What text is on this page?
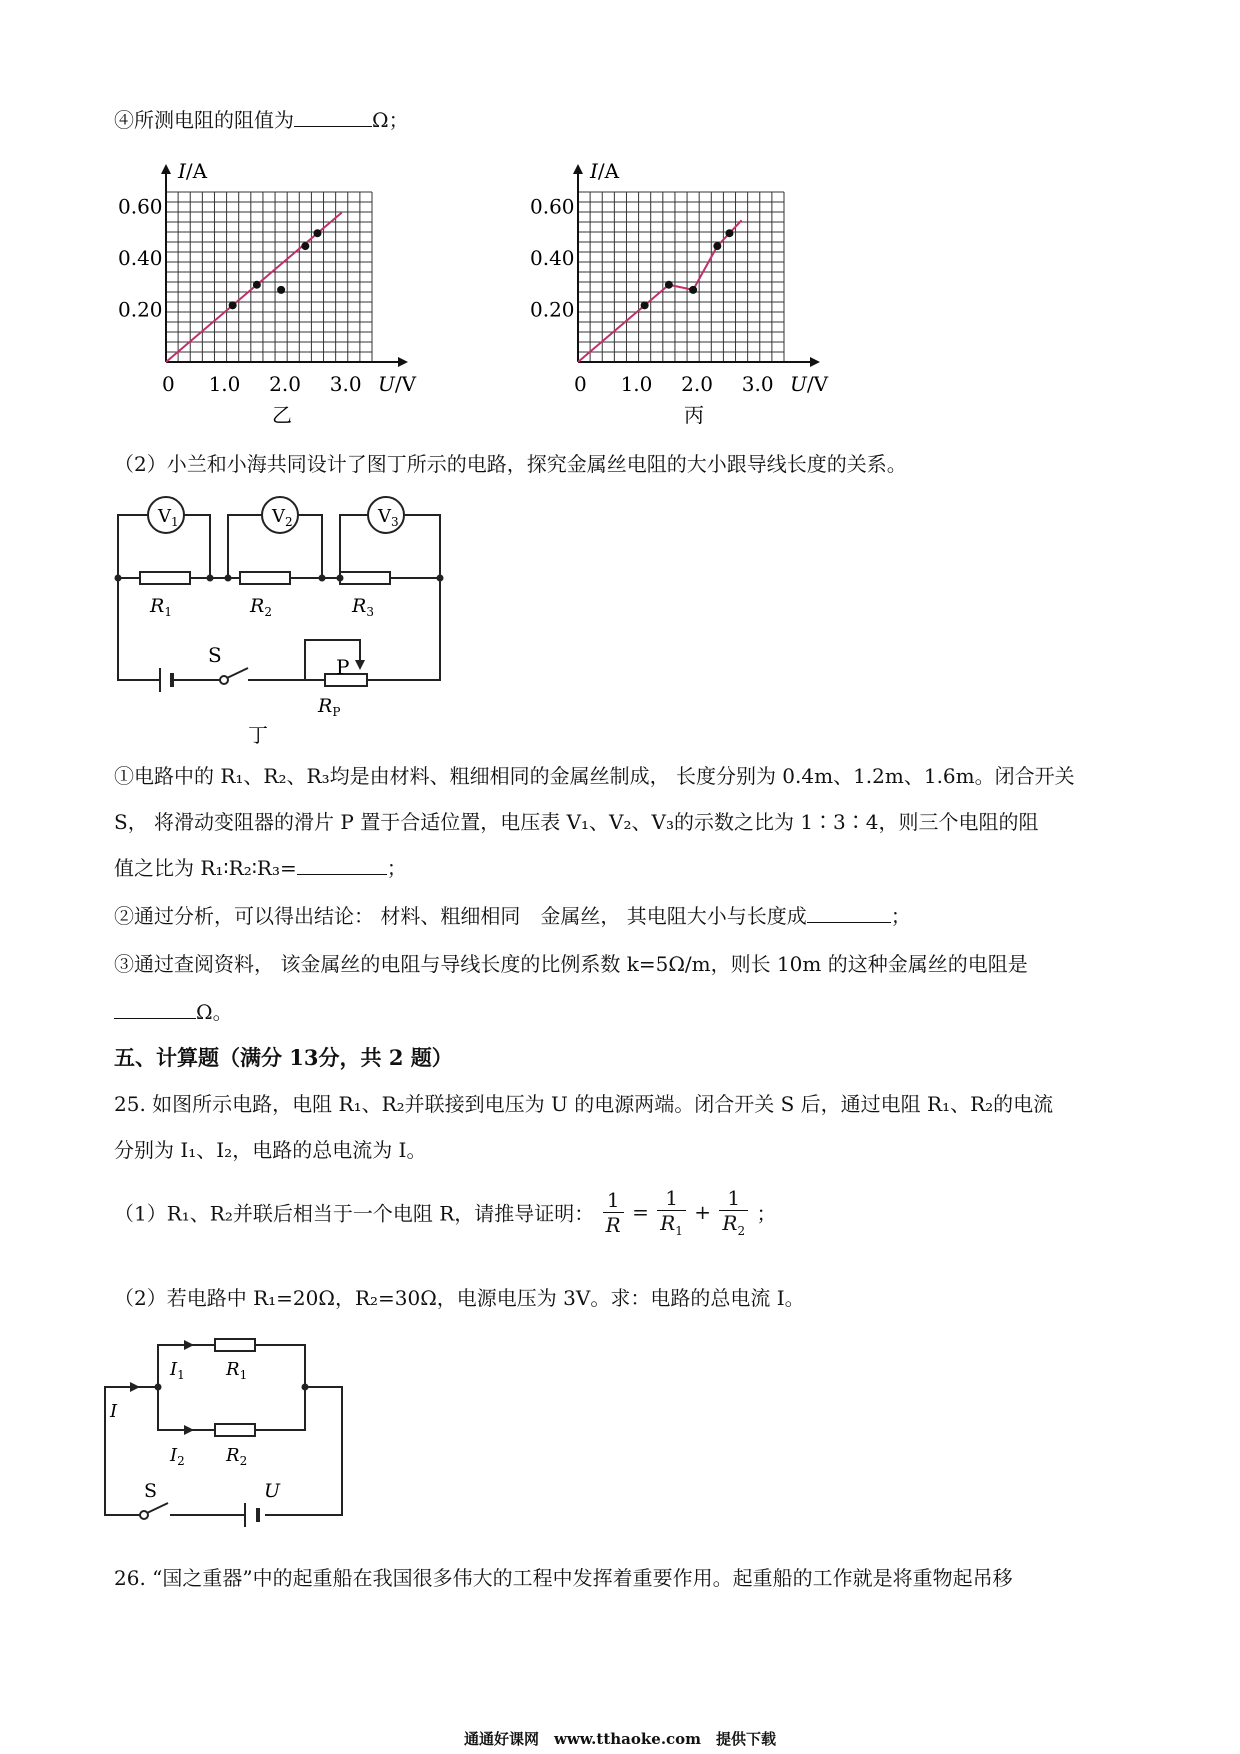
④所测电阻的阻值为	Ω；
0.60
0.40
0.20
0 1.0 2.0 3.0
I/A
U/V
乙
0.60
0.40
0.20
0 1.0 2.0 3.0
I/A
U/V
丙
（2）小兰和小海共同设计了图丁所示的电路，探究金属丝电阻的大小跟导线长度的关系。
$V_1$	$V_2$	$V_3$
$R_1$	$R_2$	$R_3$
S	P
$R_P$
丁
①电路中的 R₁、R₂、R₃均是由材料、粗细相同的金属丝制成， 长度分别为 0.4m、1.2m、1.6m。闭合开关
S， 将滑动变阻器的滑片 P 置于合适位置，电压表 V₁、V₂、V₃的示数之比为 1∶3∶4，则三个电阻的阻
值之比为 R₁∶R₂∶R₃=	；
②通过分析，可以得出结论： 材料、粗细相同　金属丝， 其电阻大小与长度成	；
③通过查阅资料， 该金属丝的电阻与导线长度的比例系数 k=5Ω/m，则长 10m 的这种金属丝的电阻是
Ω。
五、计算题（满分 13分，共 2 题）
25. 如图所示电路，电阻 R₁、R₂并联接到电压为 U 的电源两端。闭合开关 S 后，通过电阻 R₁、R₂的电流
分别为 I₁、I₂，电路的总电流为 I。
（1）R₁、R₂并联后相当于一个电阻 R，请推导证明： $\frac{1}{R} = \frac{1}{R_1} + \frac{1}{R_2}$ ；
（2）若电路中 R₁=20Ω，R₂=30Ω，电源电压为 3V。求：电路的总电流 I。
I
$I_1$
$I_2$
$R_1$
$R_2$
S	U
26. “国之重器”中的起重船在我国很多伟大的工程中发挥着重要作用。起重船的工作就是将重物起吊移
通通好课网　www.tthaoke.com　提供下载
